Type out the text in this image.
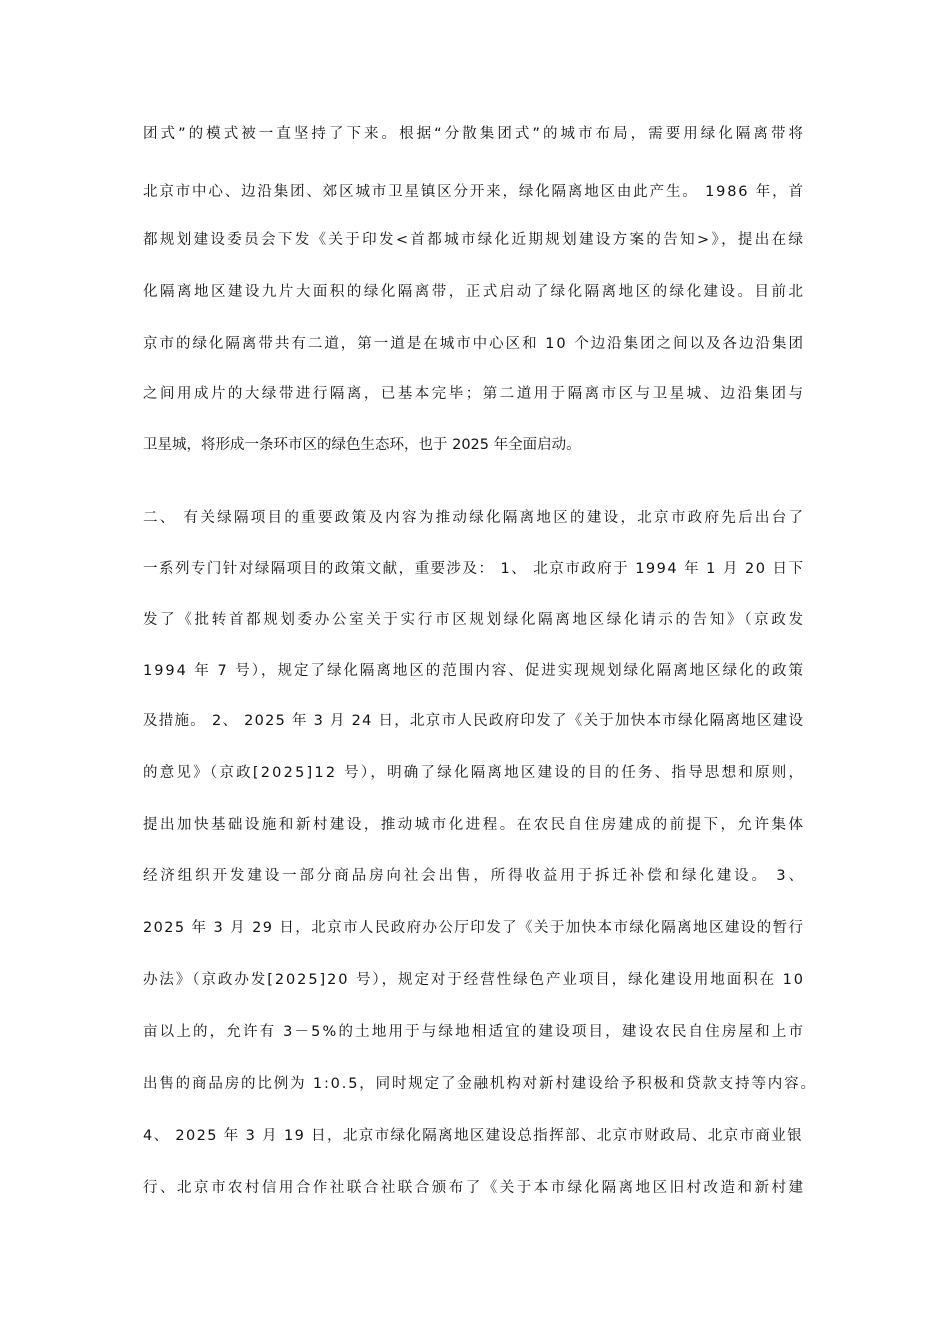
团式”的模式被一直坚持了下来。根据“分散集团式”的城市布局，需要用绿化隔离带将
北京市中心、边沿集团、郊区城市卫星镇区分开来，绿化隔离地区由此产生。 1986 年，首
都规划建设委员会下发《关于印发<首都城市绿化近期规划建设方案的告知>》，提出在绿
化隔离地区建设九片大面积的绿化隔离带，正式启动了绿化隔离地区的绿化建设。目前北
京市的绿化隔离带共有二道，第一道是在城市中心区和 10 个边沿集团之间以及各边沿集团
之间用成片的大绿带进行隔离，已基本完毕；第二道用于隔离市区与卫星城、边沿集团与
卫星城，将形成一条环市区的绿色生态环，也于 2025 年全面启动。
二、 有关绿隔项目的重要政策及内容为推动绿化隔离地区的建设，北京市政府先后出台了
一系列专门针对绿隔项目的政策文献，重要涉及： 1、 北京市政府于 1994 年 1 月 20 日下
发了《批转首都规划委办公室关于实行市区规划绿化隔离地区绿化请示的告知》（京政发
1994 年 7 号），规定了绿化隔离地区的范围内容、促进实现规划绿化隔离地区绿化的政策
及措施。 2、 2025 年 3 月 24 日，北京市人民政府印发了《关于加快本市绿化隔离地区建设
的意见》（京政[2025]12 号），明确了绿化隔离地区建设的目的任务、指导思想和原则，
提出加快基础设施和新村建设，推动城市化进程。在农民自住房建成的前提下，允许集体
经济组织开发建设一部分商品房向社会出售，所得收益用于拆迁补偿和绿化建设。 3、
2025 年 3 月 29 日，北京市人民政府办公厅印发了《关于加快本市绿化隔离地区建设的暂行
办法》（京政办发[2025]20 号），规定对于经营性绿色产业项目，绿化建设用地面积在 10
亩以上的，允许有 3－5%的土地用于与绿地相适宜的建设项目，建设农民自住房屋和上市
出售的商品房的比例为 1:0.5，同时规定了金融机构对新村建设给予积极和贷款支持等内容。
4、 2025 年 3 月 19 日，北京市绿化隔离地区建设总指挥部、北京市财政局、北京市商业银
行、北京市农村信用合作社联合社联合颁布了《关于本市绿化隔离地区旧村改造和新村建
